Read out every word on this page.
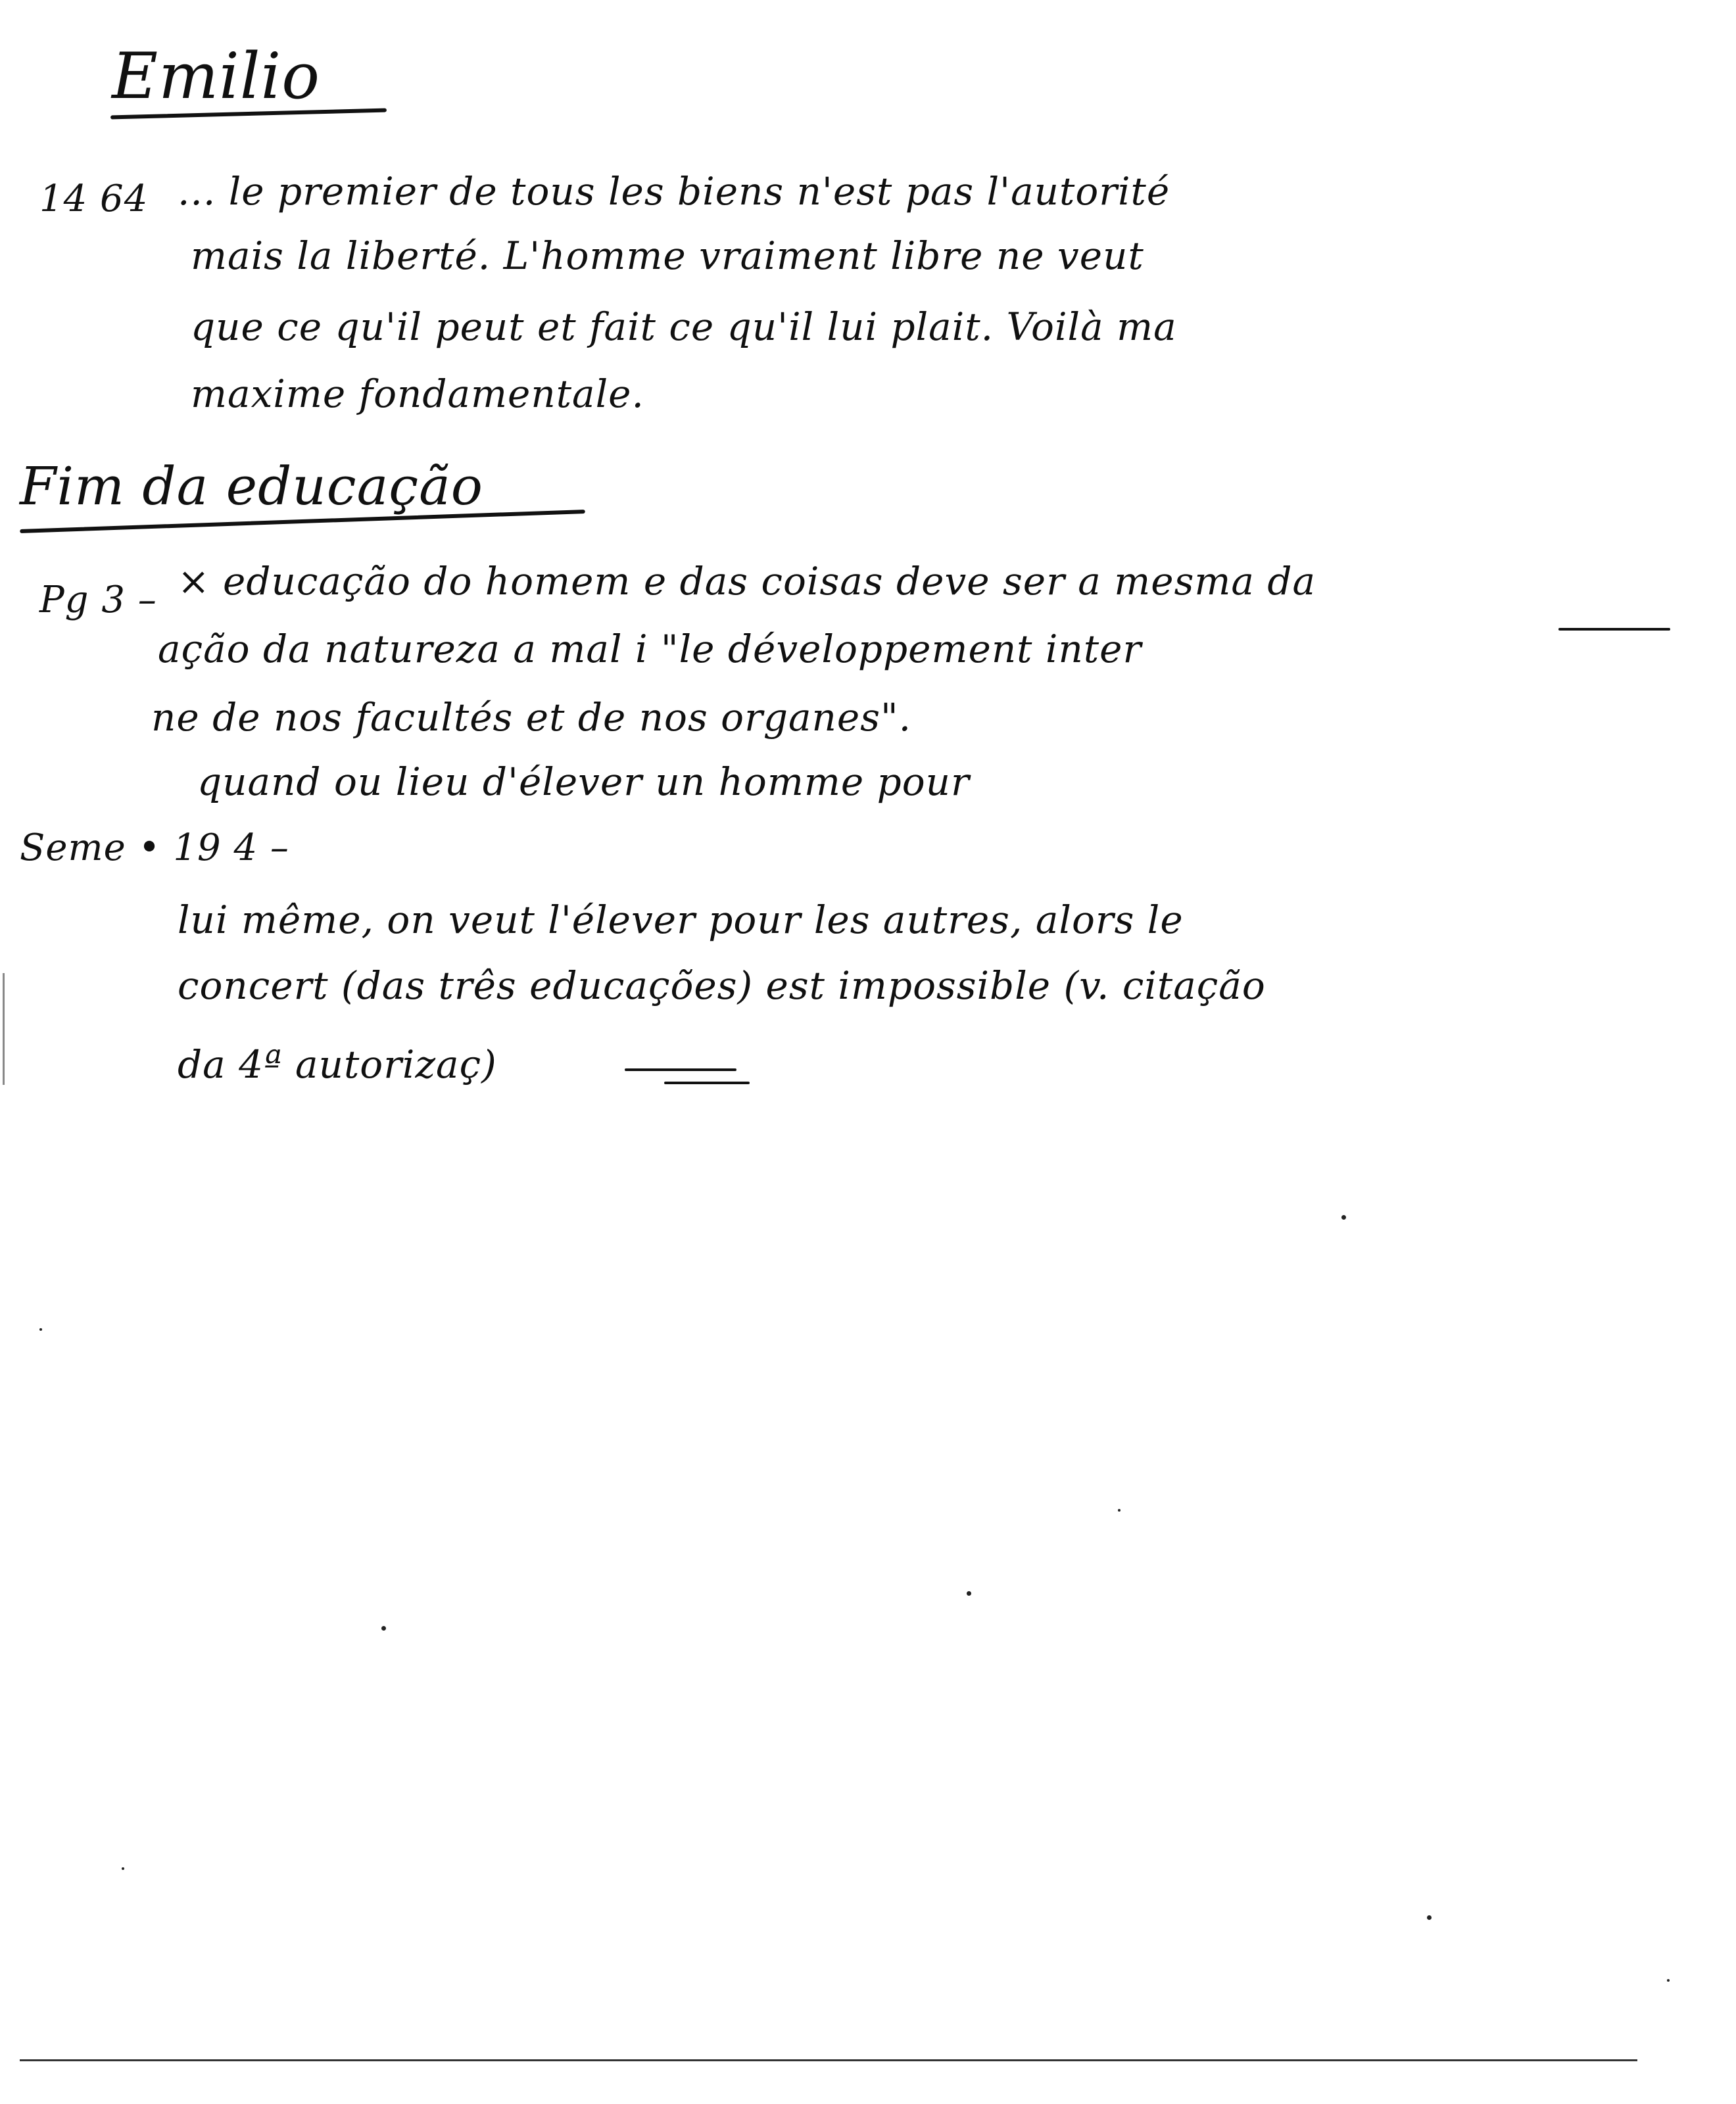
Emilio
14 64 ... le premier de tous les biens n'est pas l'autorité
mais la liberté. L'homme vraiment libre ne veut
que ce qu'il peut et fait ce qu'il lui plait. Voilà ma
maxime fondamentale.
Fim da educação
Pg 3 – × educação do homem e das coisas deve ser a mesma da
ação da natureza a mal i "le développement inter
ne de nos facultés et de nos organes".
quand ou lieu d'élever un homme pour
Seme • 19 4 –
lui même, on veut l'élever pour les autres, alors le
concert (das três educações) est impossible (v. citação
da 4ª autorizaç)
